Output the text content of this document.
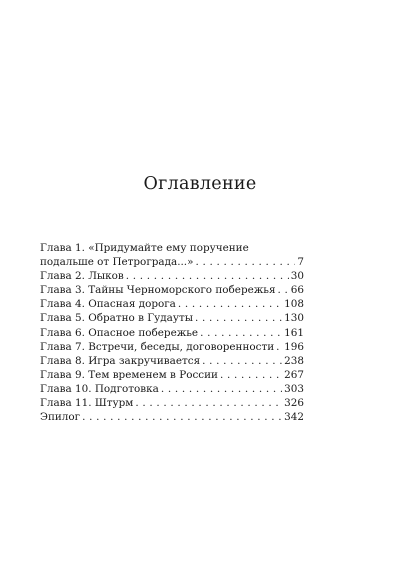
Оглавление
Глава 1. «Придумайте ему поручение
подальше от Петрограда...» . . .	7
Глава 2. Лыков . . .	30
Глава 3. Тайны Черноморского побережья . . . 66
Глава 4. Опасная дорога . . .	108
Глава 5. Обратно в Гудауты . . .	130
Глава 6. Опасное побережье . . .	161
Глава 7. Встречи, беседы, договоренности . . . 196
Глава 8. Игра закручивается . . .	238
Глава 9. Тем временем в России . . .	267
Глава 10. Подготовка . . .	303
Глава 11. Штурм . . .	326
Эпилог . . .	342
